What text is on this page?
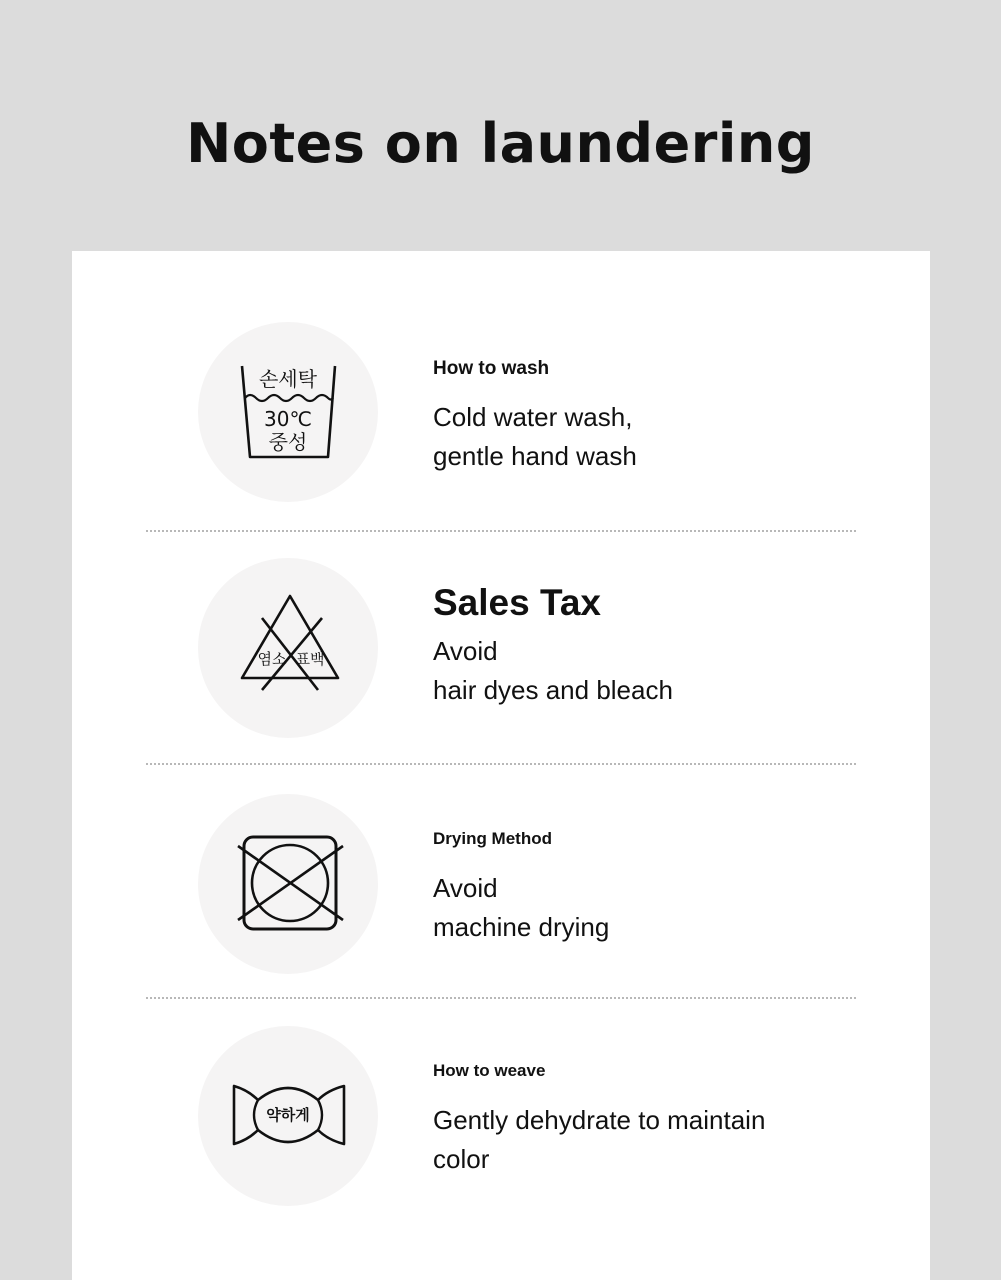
Notes on laundering
손세탁
30℃
중성

How to wash

Cold water wash,

gentle hand wash

염소 표백

Sales Tax

Avoid

hair dyes and bleach

Drying Method

Avoid

machine drying

약하게

How to weave

Gently dehydrate to maintain

color
